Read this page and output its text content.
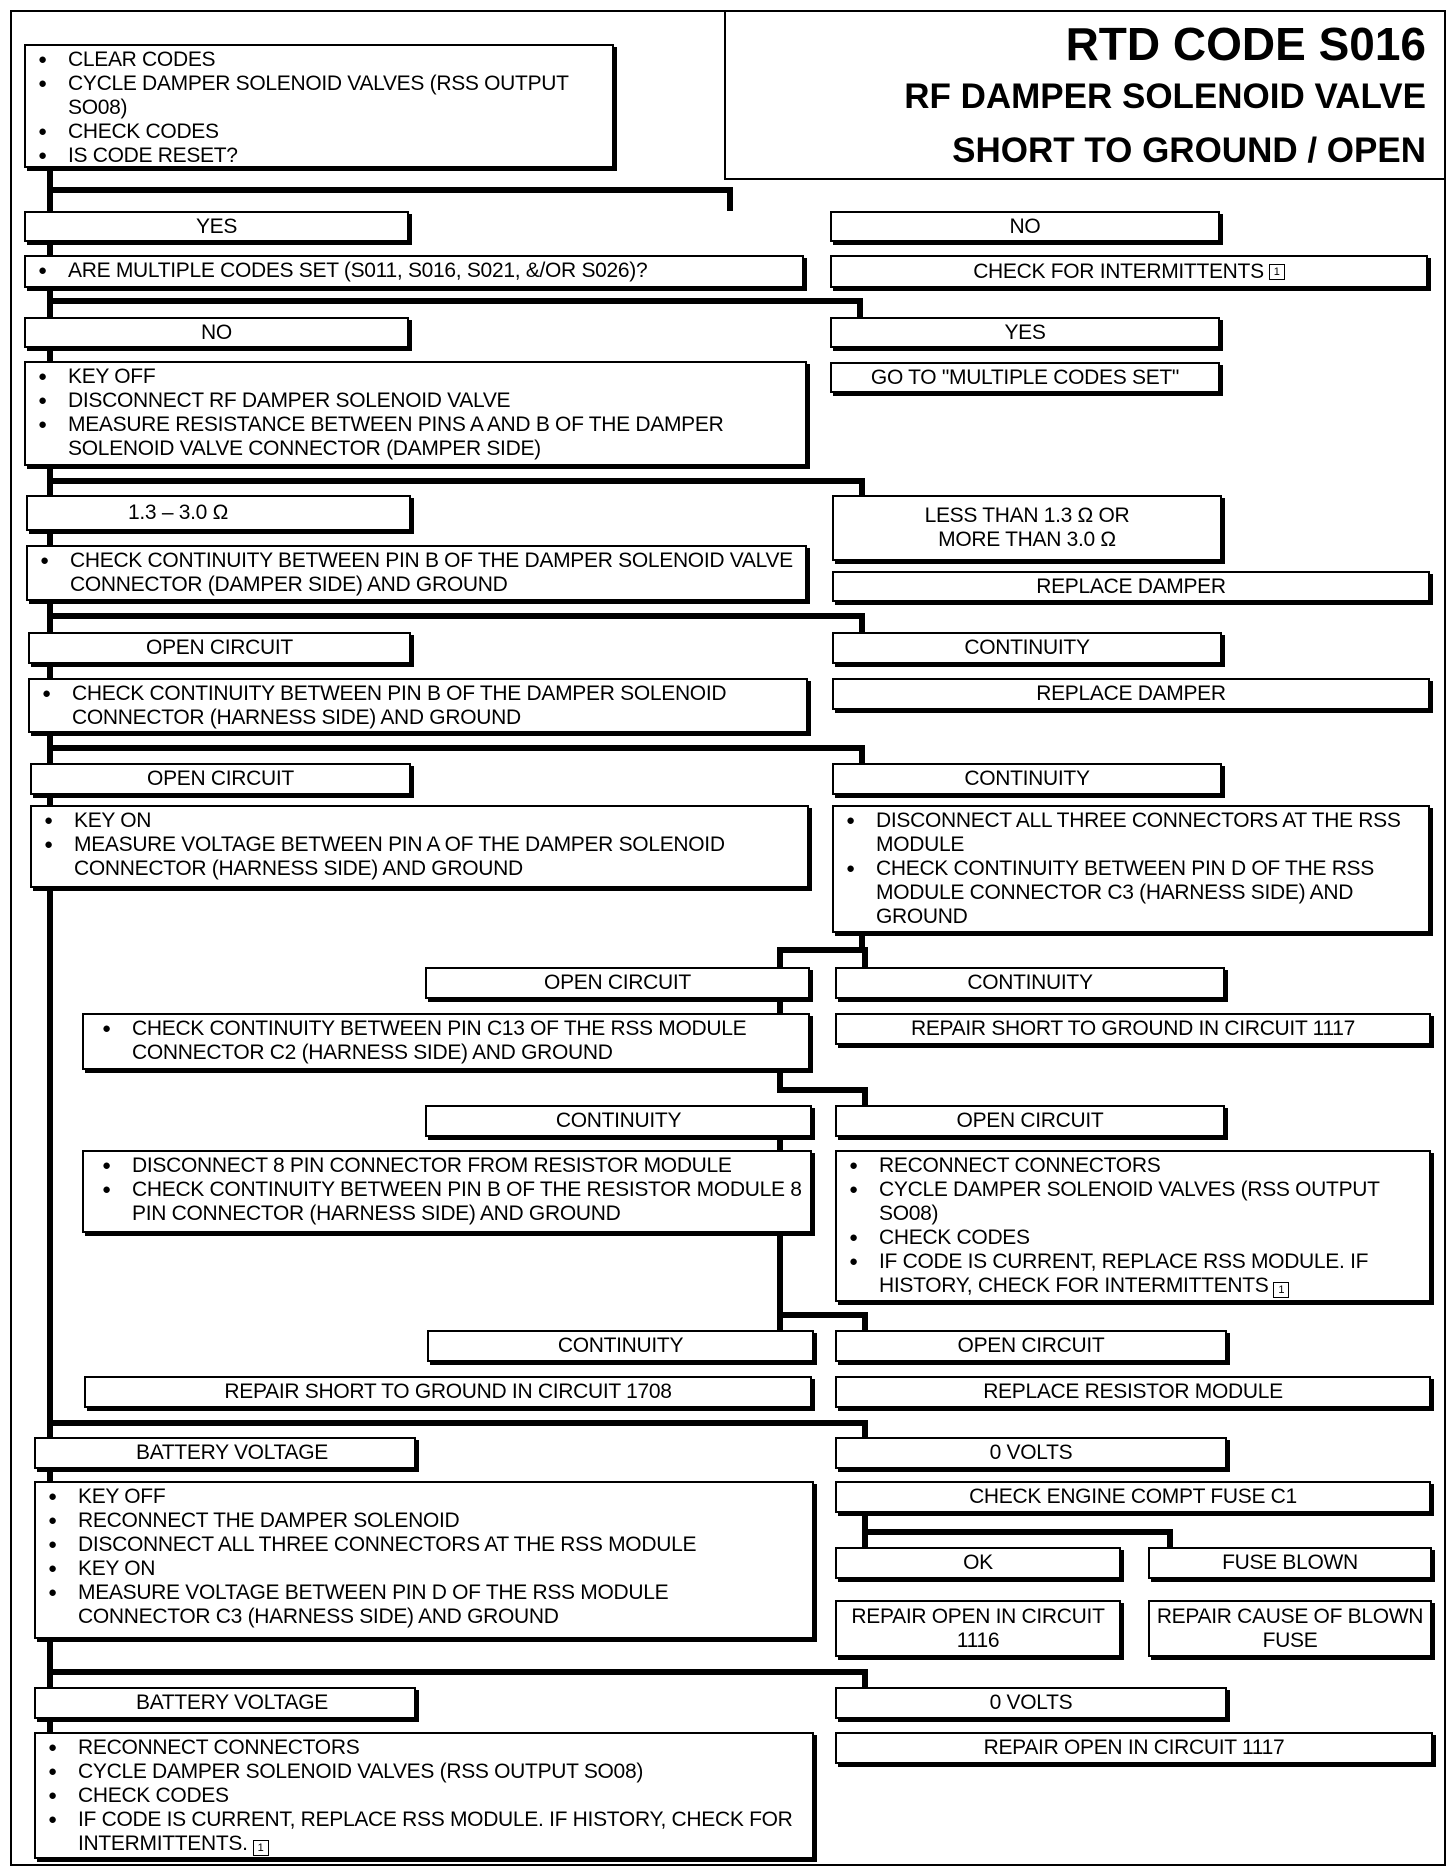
RTD CODE S016
RF DAMPER SOLENOID VALVE
SHORT TO GROUND / OPEN
● CLEAR CODES
● CYCLE DAMPER SOLENOID VALVES (RSS OUTPUT SO08)
● CHECK CODES
● IS CODE RESET?
YES	NO
● ARE MULTIPLE CODES SET (S011, S016, S021, &/OR S026)?	CHECK FOR INTERMITTENTS 1
NO	YES
GO TO "MULTIPLE CODES SET"
● KEY OFF
● DISCONNECT RF DAMPER SOLENOID VALVE
● MEASURE RESISTANCE BETWEEN PINS A AND B OF THE DAMPER SOLENOID VALVE CONNECTOR (DAMPER SIDE)
1.3 – 3.0 Ω	LESS THAN 1.3 Ω OR
MORE THAN 3.0 Ω
● CHECK CONTINUITY BETWEEN PIN B OF THE DAMPER SOLENOID VALVE CONNECTOR (DAMPER SIDE) AND GROUND	REPLACE DAMPER
OPEN CIRCUIT	CONTINUITY
● CHECK CONTINUITY BETWEEN PIN B OF THE DAMPER SOLENOID CONNECTOR (HARNESS SIDE) AND GROUND
REPLACE DAMPER
OPEN CIRCUIT	CONTINUITY
● KEY ON
● MEASURE VOLTAGE BETWEEN PIN A OF THE DAMPER SOLENOID CONNECTOR (HARNESS SIDE) AND GROUND
● DISCONNECT ALL THREE CONNECTORS AT THE RSS MODULE
● CHECK CONTINUITY BETWEEN PIN D OF THE RSS MODULE CONNECTOR C3 (HARNESS SIDE) AND GROUND
OPEN CIRCUIT	CONTINUITY
● CHECK CONTINUITY BETWEEN PIN C13 OF THE RSS MODULE CONNECTOR C2 (HARNESS SIDE) AND GROUND
REPAIR SHORT TO GROUND IN CIRCUIT 1117
CONTINUITY	OPEN CIRCUIT
● DISCONNECT 8 PIN CONNECTOR FROM RESISTOR MODULE
● CHECK CONTINUITY BETWEEN PIN B OF THE RESISTOR MODULE 8 PIN CONNECTOR (HARNESS SIDE) AND GROUND
● RECONNECT CONNECTORS
● CYCLE DAMPER SOLENOID VALVES (RSS OUTPUT SO08)
● CHECK CODES
● IF CODE IS CURRENT, REPLACE RSS MODULE. IF HISTORY, CHECK FOR INTERMITTENTS 1
CONTINUITY	OPEN CIRCUIT
REPAIR SHORT TO GROUND IN CIRCUIT 1708	REPLACE RESISTOR MODULE
BATTERY VOLTAGE	0 VOLTS
● KEY OFF
● RECONNECT THE DAMPER SOLENOID
● DISCONNECT ALL THREE CONNECTORS AT THE RSS MODULE
● KEY ON
● MEASURE VOLTAGE BETWEEN PIN D OF THE RSS MODULE CONNECTOR C3 (HARNESS SIDE) AND GROUND
CHECK ENGINE COMPT FUSE C1
OK	FUSE BLOWN
REPAIR OPEN IN CIRCUIT 1116
REPAIR CAUSE OF BLOWN FUSE
BATTERY VOLTAGE	0 VOLTS
● RECONNECT CONNECTORS
● CYCLE DAMPER SOLENOID VALVES (RSS OUTPUT SO08)
● CHECK CODES
● IF CODE IS CURRENT, REPLACE RSS MODULE. IF HISTORY, CHECK FOR INTERMITTENTS. 1
REPAIR OPEN IN CIRCUIT 1117
